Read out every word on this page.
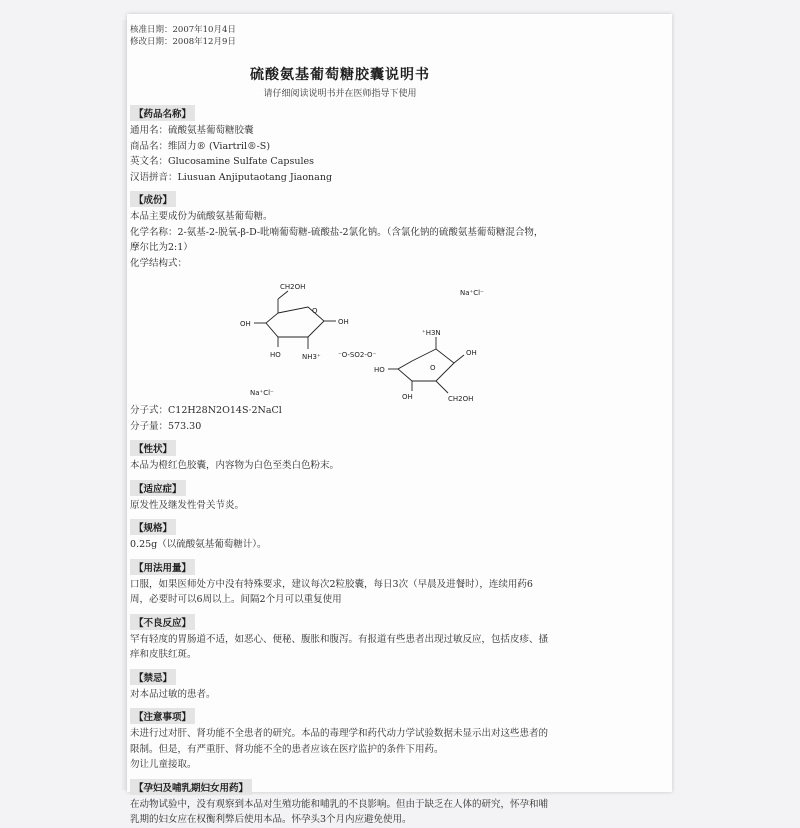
核准日期：2007年10月4日
修改日期：2008年12月9日
硫酸氨基葡萄糖胶囊说明书
请仔细阅读说明书并在医师指导下使用
【药品名称】
通用名：硫酸氨基葡萄糖胶囊
商品名：维固力® (Viartril®-S)
英文名：Glucosamine Sulfate Capsules
汉语拼音：Liusuan Anjiputaotang Jiaonang
【成份】
本品主要成份为硫酸氨基葡萄糖。
化学名称：2-氨基-2-脱氧-β-D-吡喃葡萄糖-硫酸盐-2氯化钠。（含氯化钠的硫酸氨基葡萄糖混合物，摩尔比为2:1）
化学结构式：
CH2OH
O
OH
OH
HO	NH3⁺ ⁻O-SO2-O⁻
⁺H3N
OH
O
HO
OH	CH2OH
Na⁺Cl⁻
Na⁺Cl⁻
分子式：C12H28N2O14S·2NaCl
分子量：573.30
【性状】
本品为橙红色胶囊，内容物为白色至类白色粉末。
【适应症】
原发性及继发性骨关节炎。
【规格】
0.25g（以硫酸氨基葡萄糖计）。
【用法用量】
口服，如果医师处方中没有特殊要求，建议每次2粒胶囊，每日3次（早晨及进餐时），连续用药6周，必要时可以6周以上。间隔2个月可以重复使用
【不良反应】
罕有轻度的胃肠道不适，如恶心、便秘、腹胀和腹泻。有报道有些患者出现过敏反应，包括皮疹、搔痒和皮肤红斑。
【禁忌】
对本品过敏的患者。
【注意事项】
未进行过对肝、肾功能不全患者的研究。本品的毒理学和药代动力学试验数据未显示出对这些患者的限制。但是，有严重肝、肾功能不全的患者应该在医疗监护的条件下用药。
勿让儿童接取。
【孕妇及哺乳期妇女用药】
在动物试验中，没有观察到本品对生殖功能和哺乳的不良影响。但由于缺乏在人体的研究，怀孕和哺乳期的妇女应在权衡利弊后使用本品。怀孕头3个月内应避免使用。
